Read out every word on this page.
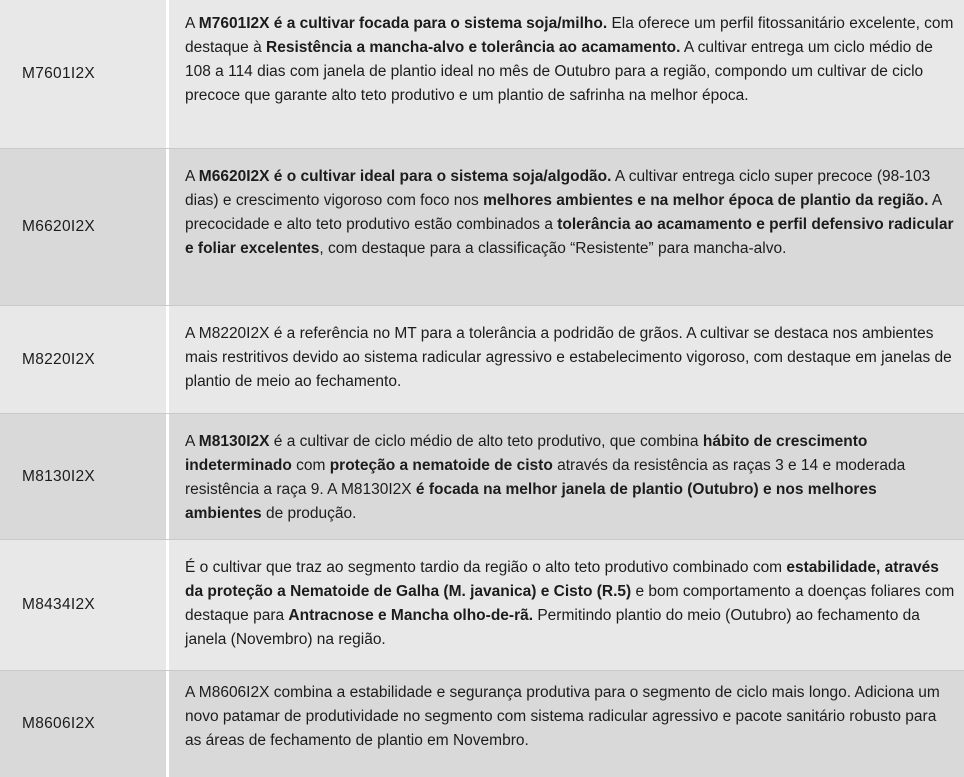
M7601I2X

A M7601I2X é a cultivar focada para o sistema soja/milho. Ela oferece um perfil fitossanitário excelente, com destaque à Resistência a mancha-alvo e tolerância ao acamamento. A cultivar entrega um ciclo médio de 108 a 114 dias com janela de plantio ideal no mês de Outubro para a região, compondo um cultivar de ciclo precoce que garante alto teto produtivo e um plantio de safrinha na melhor época.

M6620I2X

A M6620I2X é o cultivar ideal para o sistema soja/algodão. A cultivar entrega ciclo super precoce (98-103 dias) e crescimento vigoroso com foco nos melhores ambientes e na melhor época de plantio da região. A precocidade e alto teto produtivo estão combinados a tolerância ao acamamento e perfil defensivo radicular e foliar excelentes, com destaque para a classificação “Resistente” para mancha-alvo.

M8220I2X

A M8220I2X é a referência no MT para a tolerância a podridão de grãos. A cultivar se destaca nos ambientes mais restritivos devido ao sistema radicular agressivo e estabelecimento vigoroso, com destaque em janelas de plantio de meio ao fechamento.

M8130I2X

A M8130I2X é a cultivar de ciclo médio de alto teto produtivo, que combina hábito de crescimento indeterminado com proteção a nematoide de cisto através da resistência as raças 3 e 14 e moderada resistência a raça 9. A M8130I2X é focada na melhor janela de plantio (Outubro) e nos melhores ambientes de produção.

M8434I2X

É o cultivar que traz ao segmento tardio da região o alto teto produtivo combinado com estabilidade, através da proteção a Nematoide de Galha (M. javanica) e Cisto (R.5) e bom comportamento a doenças foliares com destaque para Antracnose e Mancha olho-de-rã. Permitindo plantio do meio (Outubro) ao fechamento da janela (Novembro) na região.

M8606I2X

A M8606I2X combina a estabilidade e segurança produtiva para o segmento de ciclo mais longo. Adiciona um novo patamar de produtividade no segmento com sistema radicular agressivo e pacote sanitário robusto para as áreas de fechamento de plantio em Novembro.
